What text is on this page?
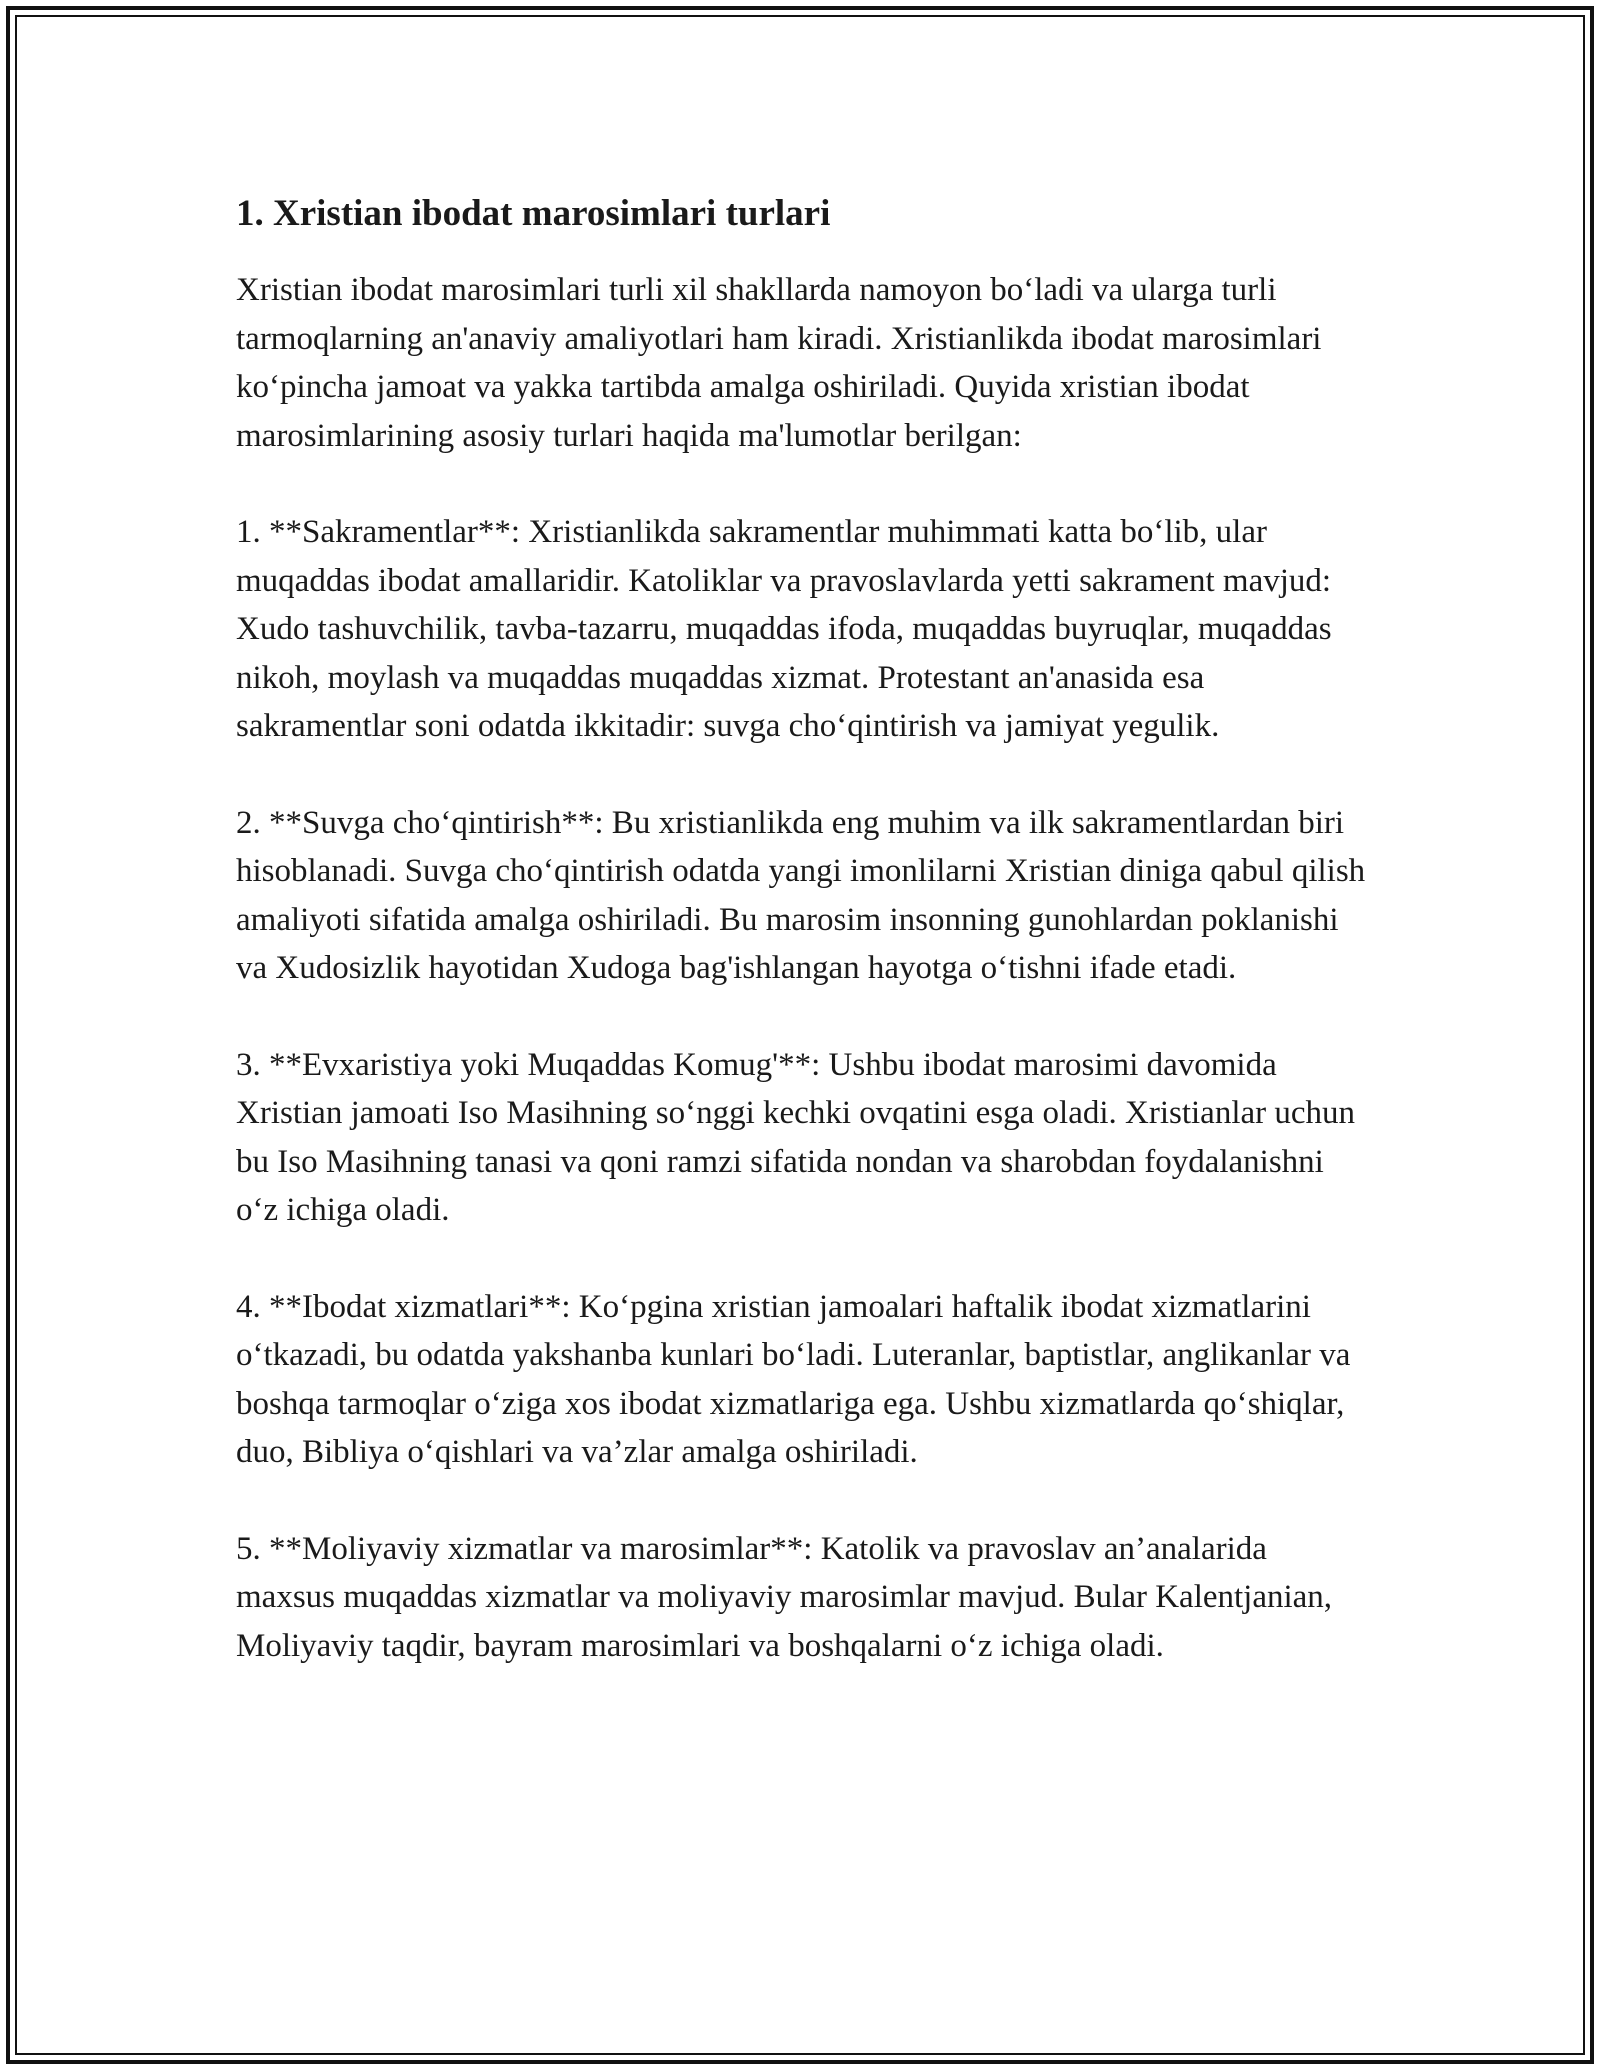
1. Xristian ibodat marosimlari turlari

Xristian ibodat marosimlari turli xil shakllarda namoyon boʻladi va ularga turli tarmoqlarning an'anaviy amaliyotlari ham kiradi. Xristianlikda ibodat marosimlari koʻpincha jamoat va yakka tartibda amalga oshiriladi. Quyida xristian ibodat marosimlarining asosiy turlari haqida ma'lumotlar berilgan:

1. **Sakramentlar**: Xristianlikda sakramentlar muhimmati katta boʻlib, ular muqaddas ibodat amallaridir. Katoliklar va pravoslavlarda yetti sakrament mavjud: Xudo tashuvchilik, tavba-tazarru, muqaddas ifoda, muqaddas buyruqlar, muqaddas nikoh, moylash va muqaddas muqaddas xizmat. Protestant an'anasida esa sakramentlar soni odatda ikkitadir: suvga choʻqintirish va jamiyat yegulik.

2. **Suvga choʻqintirish**: Bu xristianlikda eng muhim va ilk sakramentlardan biri hisoblanadi. Suvga choʻqintirish odatda yangi imonlilarni Xristian diniga qabul qilish amaliyoti sifatida amalga oshiriladi. Bu marosim insonning gunohlardan poklanishi va Xudosizlik hayotidan Xudoga bag'ishlangan hayotga oʻtishni ifade etadi.

3. **Evxaristiya yoki Muqaddas Komug'**: Ushbu ibodat marosimi davomida Xristian jamoati Iso Masihning soʻnggi kechki ovqatini esga oladi. Xristianlar uchun bu Iso Masihning tanasi va qoni ramzi sifatida nondan va sharobdan foydalanishni oʻz ichiga oladi.

4. **Ibodat xizmatlari**: Koʻpgina xristian jamoalari haftalik ibodat xizmatlarini oʻtkazadi, bu odatda yakshanba kunlari boʻladi. Luteranlar, baptistlar, anglikanlar va boshqa tarmoqlar oʻziga xos ibodat xizmatlariga ega. Ushbu xizmatlarda qoʻshiqlar, duo, Bibliya oʻqishlari va va’zlar amalga oshiriladi.

5. **Moliyaviy xizmatlar va marosimlar**: Katolik va pravoslav an’analarida maxsus muqaddas xizmatlar va moliyaviy marosimlar mavjud. Bular Kalentjanian, Moliyaviy taqdir, bayram marosimlari va boshqalarni oʻz ichiga oladi.
